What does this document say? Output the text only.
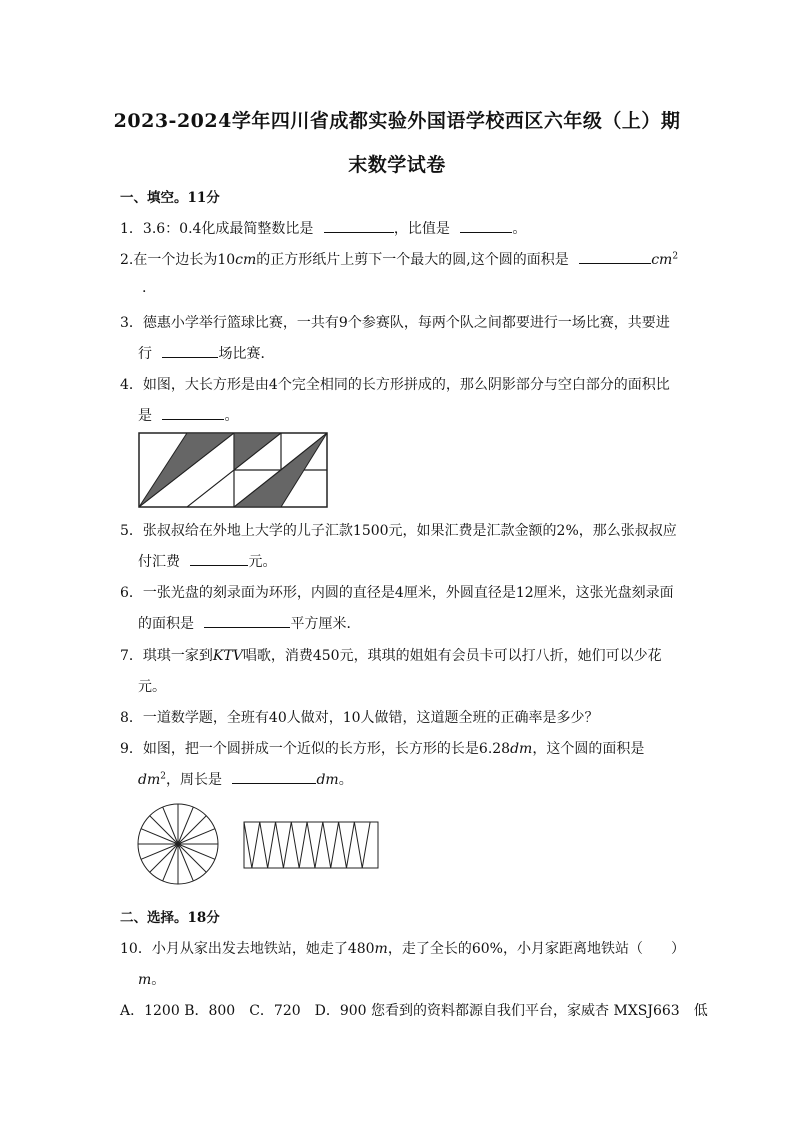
2023-2024学年四川省成都实验外国语学校西区六年级（上）期
末数学试卷
一、填空。11分
1．3.6：0.4化成最简整数比是	，比值是	。
2.在一个边长为10cm的正方形纸片上剪下一个最大的圆,这个圆的面积是	$cm^2$
.
3．德惠小学举行篮球比赛，一共有9个参赛队，每两个队之间都要进行一场比赛，共要进
行	场比赛．
4．如图，大长方形是由4个完全相同的长方形拼成的，那么阴影部分与空白部分的面积比
是	。
5．张叔叔给在外地上大学的儿子汇款1500元，如果汇费是汇款金额的2%，那么张叔叔应
付汇费	元。
6．一张光盘的刻录面为环形，内圆的直径是4厘米，外圆直径是12厘米，这张光盘刻录面
的面积是	平方厘米．
7．琪琪一家到KTV唱歌，消费450元，琪琪的姐姐有会员卡可以打八折，她们可以少花
元。
8．一道数学题，全班有40人做对，10人做错，这道题全班的正确率是多少？
9．如图，把一个圆拼成一个近似的长方形，长方形的长是6.28dm，这个圆的面积是
$dm^2$，周长是	dm。
二、选择。18分
10．小月从家出发去地铁站，她走了480m，走了全长的60%，小月家距离地铁站（　　）
m。
A．1200 B．800　C．720　D．900 您看到的资料都源自我们平台，家威杏 MXSJ663　低
